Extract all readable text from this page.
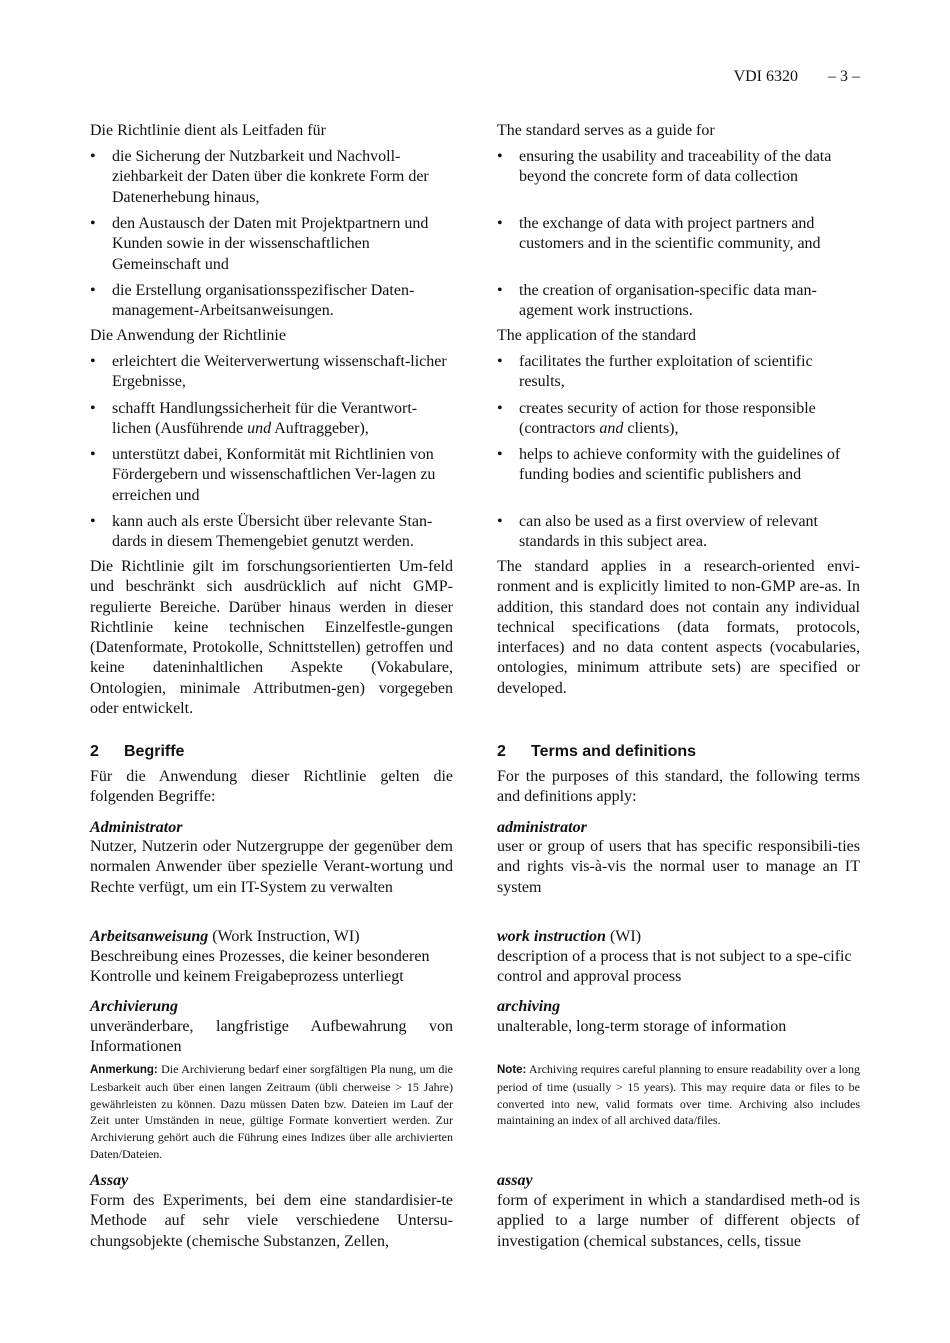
VDI 6320 – 3 –
Die Richtlinie dient als Leitfaden für
• die Sicherung der Nutzbarkeit und Nachvoll-ziehbarkeit der Daten über die konkrete Form der Datenerhebung hinaus,
• den Austausch der Daten mit Projektpartnern und Kunden sowie in der wissenschaftlichen Gemeinschaft und
• die Erstellung organisationsspezifischer Daten-management-Arbeitsanweisungen.
Die Anwendung der Richtlinie
• erleichtert die Weiterverwertung wissenschaft-licher Ergebnisse,
• schafft Handlungssicherheit für die Verantwort-lichen (Ausführende und Auftraggeber),
• unterstützt dabei, Konformität mit Richtlinien von Fördergebern und wissenschaftlichen Ver-lagen zu erreichen und
• kann auch als erste Übersicht über relevante Stan-dards in diesem Themengebiet genutzt werden.
Die Richtlinie gilt im forschungsorientierten Um-feld und beschränkt sich ausdrücklich auf nicht GMP-regulierte Bereiche. Darüber hinaus werden in dieser Richtlinie keine technischen Einzelfestle-gungen (Datenformate, Protokolle, Schnittstellen) getroffen und keine dateninhaltlichen Aspekte (Vokabulare, Ontologien, minimale Attributmen-gen) vorgegeben oder entwickelt.
2 Begriffe
Für die Anwendung dieser Richtlinie gelten die folgenden Begriffe:
Administrator
Nutzer, Nutzerin oder Nutzergruppe der gegenüber dem normalen Anwender über spezielle Verant-wortung und Rechte verfügt, um ein IT-System zu verwalten
Arbeitsanweisung (Work Instruction, WI)
Beschreibung eines Prozesses, die keiner besonderen Kontrolle und keinem Freigabeprozess unterliegt
Archivierung
unveränderbare, langfristige Aufbewahrung von Informationen
Anmerkung: Die Archivierung bedarf einer sorgfältigen Pla nung, um die Lesbarkeit auch über einen langen Zeitraum (übli cherweise > 15 Jahre) gewährleisten zu können. Dazu müssen Daten bzw. Dateien im Lauf der Zeit unter Umständen in neue, gültige Formate konvertiert werden. Zur Archivierung gehört auch die Führung eines Indizes über alle archivierten Daten/Dateien.
Assay
Form des Experiments, bei dem eine standardisier-te Methode auf sehr viele verschiedene Untersu-chungsobjekte (chemische Substanzen, Zellen,
The standard serves as a guide for
• ensuring the usability and traceability of the data beyond the concrete form of data collection
• the exchange of data with project partners and customers and in the scientific community, and
• the creation of organisation-specific data man-agement work instructions.
The application of the standard
• facilitates the further exploitation of scientific results,
• creates security of action for those responsible (contractors and clients),
• helps to achieve conformity with the guidelines of funding bodies and scientific publishers and
• can also be used as a first overview of relevant standards in this subject area.
The standard applies in a research-oriented envi-ronment and is explicitly limited to non-GMP are-as. In addition, this standard does not contain any individual technical specifications (data formats, protocols, interfaces) and no data content aspects (vocabularies, ontologies, minimum attribute sets) are specified or developed.
2 Terms and definitions
For the purposes of this standard, the following terms and definitions apply:
administrator
user or group of users that has specific responsibili-ties and rights vis-à-vis the normal user to manage an IT system
work instruction (WI)
description of a process that is not subject to a spe-cific control and approval process
archiving
unalterable, long-term storage of information
Note: Archiving requires careful planning to ensure readability over a long period of time (usually > 15 years). This may require data or files to be converted into new, valid formats over time. Archiving also includes maintaining an index of all archived data/files.
assay
form of experiment in which a standardised meth-od is applied to a large number of different objects of investigation (chemical substances, cells, tissue
